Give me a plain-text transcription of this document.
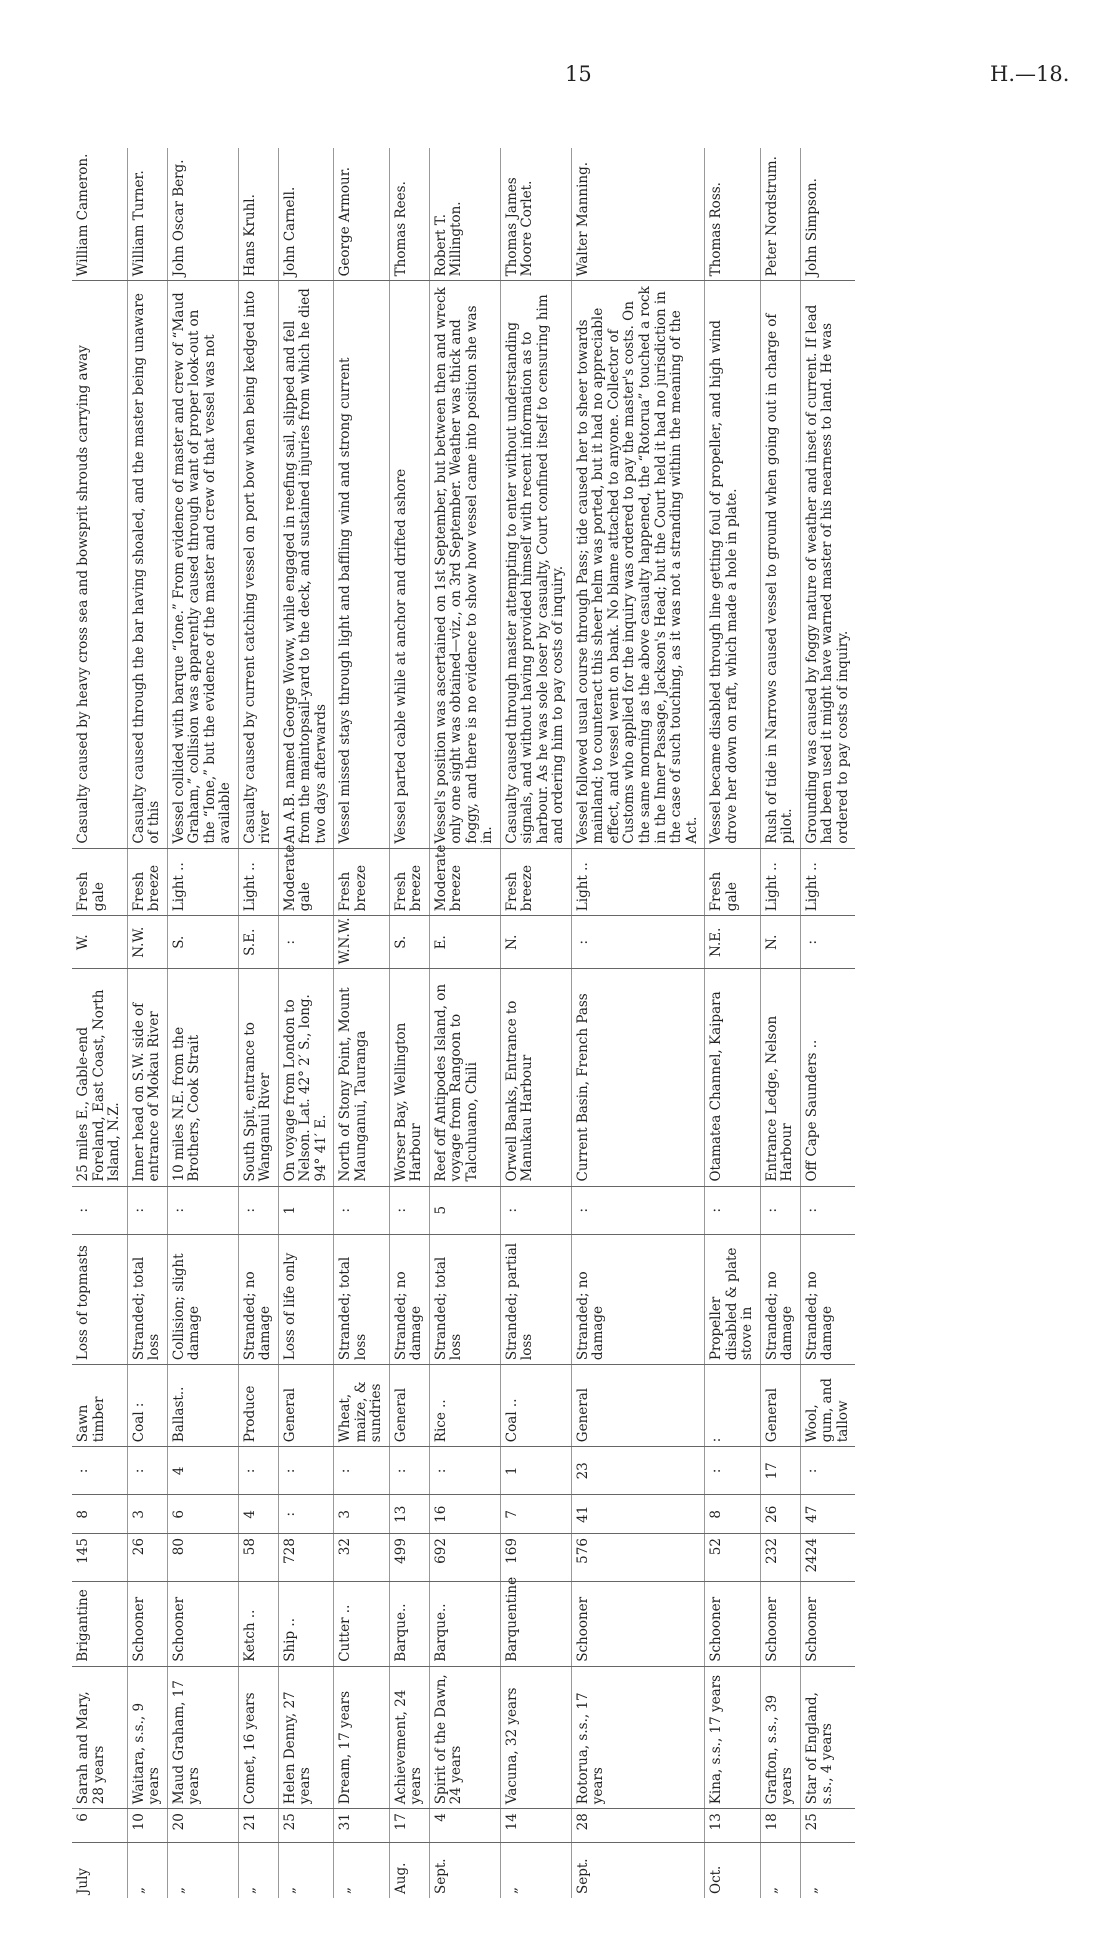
15	H.—18.
July	6	Sarah and Mary, 28 years	Brigantine	145	8	:	Sawn timber	Loss of topmasts	:	25 miles E., Gable-end Foreland, East Coast, North Island, N.Z.	W.	Fresh gale	Casualty caused by heavy cross sea and bowsprit shrouds carrying away	William Cameron.
„	10	Waitara, s.s., 9 years	Schooner	26	3	:	Coal :	Stranded; total loss	:	Inner head on S.W. side of entrance of Mokau River	N.W.	Fresh breeze	Casualty caused through the bar having shoaled, and the master being unaware of this	William Turner.
„	20	Maud Graham, 17 years	Schooner	80	6	4	Ballast..	Collision; slight damage	:	10 miles N.E. from the Brothers, Cook Strait	S.	Light ..	Vessel collided with barque “Ione.” From evidence of master and crew of “Maud Graham,” collision was apparently caused through want of proper look-out on the “Ione,” but the evidence of the master and crew of that vessel was not available	John Oscar Berg.
„	21	Comet, 16 years	Ketch ..	58	4	:	Produce	Stranded; no damage	:	South Spit, entrance to Wanganui River	S.E.	Light ..	Casualty caused by current catching vessel on port bow when being kedged into river	Hans Kruhl.
„	25	Helen Denny, 27 years	Ship ..	728	:	:	General	Loss of life only	1	On voyage from London to Nelson. Lat. 42° 2′ S., long. 94° 41′ E.	:	Moderate gale	An A.B. named George Woww, while engaged in reefing sail, slipped and fell from the maintopsail-yard to the deck, and sustained injuries from which he died two days afterwards	John Carnell.
„	31	Dream, 17 years	Cutter ..	32	3	:	Wheat, maize, & sundries	Stranded; total loss	:	North of Stony Point, Mount Maunganui, Tauranga	W.N.W.	Fresh breeze	Vessel missed stays through light and baffling wind and strong current	George Armour.
Aug.	17	Achievement, 24 years	Barque..	499	13	:	General	Stranded; no damage	:	Worser Bay, Wellington Harbour	S.	Fresh breeze	Vessel parted cable while at anchor and drifted ashore	Thomas Rees.
Sept.	4	Spirit of the Dawn, 24 years	Barque..	692	16	:	Rice ..	Stranded; total loss	5	Reef off Antipodes Island, on voyage from Rangoon to Talcuhuano, Chili	E.	Moderate breeze	Vessel's position was ascertained on 1st September, but between then and wreck only one sight was obtained—viz., on 3rd September. Weather was thick and foggy, and there is no evidence to show how vessel came into position she was in.	Robert T. Millington.
„	14	Vacuna, 32 years	Barquentine	169	7	1	Coal ..	Stranded; partial loss	:	Orwell Banks, Entrance to Manukau Harbour	N.	Fresh breeze	Casualty caused through master attempting to enter without understanding signals, and without having provided himself with recent information as to harbour. As he was sole loser by casualty, Court confined itself to censuring him and ordering him to pay costs of inquiry.	Thomas James Moore Corlet.
Sept.	28	Rotorua, s.s., 17 years	Schooner	576	41	23	General	Stranded; no damage	:	Current Basin, French Pass	:	Light ..	Vessel followed usual course through Pass; tide caused her to sheer towards mainland; to counteract this sheer helm was ported, but it had no appreciable effect, and vessel went on bank. No blame attached to anyone. Collector of Customs who applied for the inquiry was ordered to pay the master's costs. On the same morning as the above casualty happened, the “Rotorua” touched a rock in the Inner Passage, Jackson's Head; but the Court held it had no jurisdiction in the case of such touching, as it was not a stranding within the meaning of the Act.	Walter Manning.
Oct.	13	Kina, s.s., 17 years	Schooner	52	8	:	:	Propeller disabled & plate stove in	:	Otamatea Channel, Kaipara	N.E.	Fresh gale	Vessel became disabled through line getting foul of propeller, and high wind drove her down on raft, which made a hole in plate.	Thomas Ross.
„	18	Grafton, s.s., 39 years	Schooner	232	26	17	General	Stranded; no damage	:	Entrance Ledge, Nelson Harbour	N.	Light ..	Rush of tide in Narrows caused vessel to ground when going out in charge of pilot.	Peter Nordstrum.
„	25	Star of England, s.s., 4 years	Schooner	2424	47	:	Wool, gum, and tallow	Stranded; no damage	:	Off Cape Saunders ..	:	Light ..	Grounding was caused by foggy nature of weather and inset of current. If lead had been used it might have warned master of his nearness to land. He was ordered to pay costs of inquiry.	John Simpson.
